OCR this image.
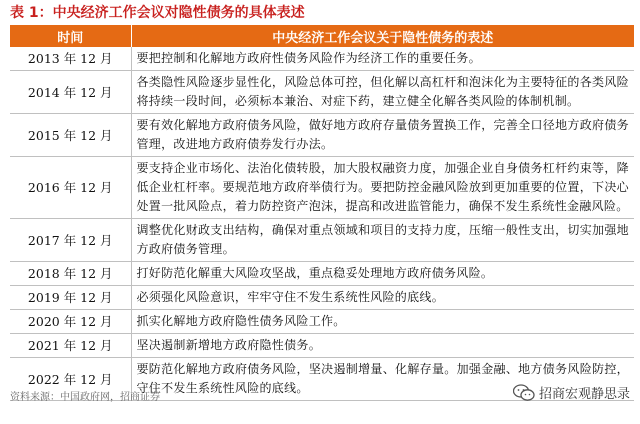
表 1：中央经济工作会议对隐性债务的具体表述
时间	中央经济工作会议关于隐性债务的表述
2013 年 12 月	要把控制和化解地方政府性债务风险作为经济工作的重要任务。
2014 年 12 月	各类隐性风险逐步显性化，风险总体可控，但化解以高杠杆和泡沫化为主要特征的各类风险将持续一段时间，必须标本兼治、对症下药，建立健全化解各类风险的体制机制。
2015 年 12 月	要有效化解地方政府债务风险，做好地方政府存量债务置换工作，完善全口径地方政府债务管理，改进地方政府债券发行办法。
2016 年 12 月	要支持企业市场化、法治化债转股，加大股权融资力度，加强企业自身债务杠杆约束等，降低企业杠杆率。要规范地方政府举债行为。要把防控金融风险放到更加重要的位置，下决心处置一批风险点，着力防控资产泡沫，提高和改进监管能力，确保不发生系统性金融风险。
2017 年 12 月	调整优化财政支出结构，确保对重点领域和项目的支持力度，压缩一般性支出，切实加强地方政府债务管理。
2018 年 12 月	打好防范化解重大风险攻坚战，重点稳妥处理地方政府债务风险。
2019 年 12 月	必须强化风险意识，牢牢守住不发生系统性风险的底线。
2020 年 12 月	抓实化解地方政府隐性债务风险工作。
2021 年 12 月	坚决遏制新增地方政府隐性债务。
2022 年 12 月	要防范化解地方政府债务风险，坚决遏制增量、化解存量。加强金融、地方债务风险防控，守住不发生系统性风险的底线。
资料来源：中国政府网，招商证券	招商宏观静思录
